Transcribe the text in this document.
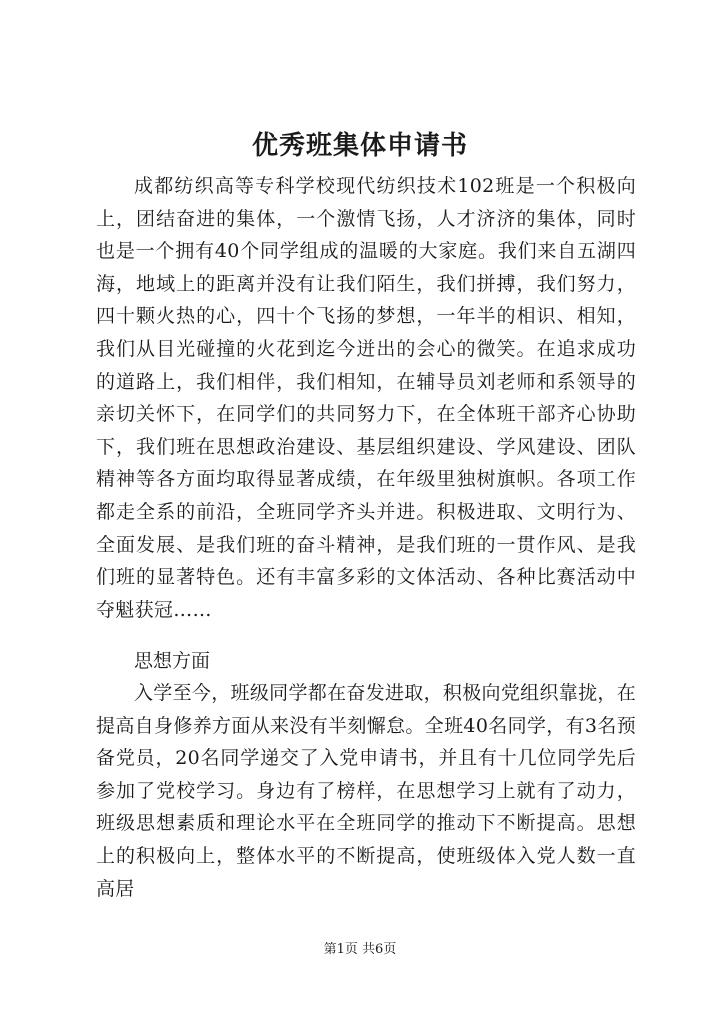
优秀班集体申请书

成都纺织高等专科学校现代纺织技术102班是一个积极向上，团结奋进的集体，一个激情飞扬，人才济济的集体，同时也是一个拥有40个同学组成的温暖的大家庭。我们来自五湖四海，地域上的距离并没有让我们陌生，我们拼搏，我们努力，四十颗火热的心，四十个飞扬的梦想，一年半的相识、相知，我们从目光碰撞的火花到迄今迸出的会心的微笑。在追求成功的道路上，我们相伴，我们相知，在辅导员刘老师和系领导的亲切关怀下，在同学们的共同努力下，在全体班干部齐心协助下，我们班在思想政治建设、基层组织建设、学风建设、团队精神等各方面均取得显著成绩，在年级里独树旗帜。各项工作都走全系的前沿，全班同学齐头并进。积极进取、文明行为、全面发展、是我们班的奋斗精神，是我们班的一贯作风、是我们班的显著特色。还有丰富多彩的文体活动、各种比赛活动中夺魁获冠……

思想方面

入学至今，班级同学都在奋发进取，积极向党组织靠拢，在提高自身修养方面从来没有半刻懈怠。全班40名同学，有3名预备党员，20名同学递交了入党申请书，并且有十几位同学先后参加了党校学习。身边有了榜样，在思想学习上就有了动力，班级思想素质和理论水平在全班同学的推动下不断提高。思想上的积极向上，整体水平的不断提高，使班级体入党人数一直高居

第1页 共6页
